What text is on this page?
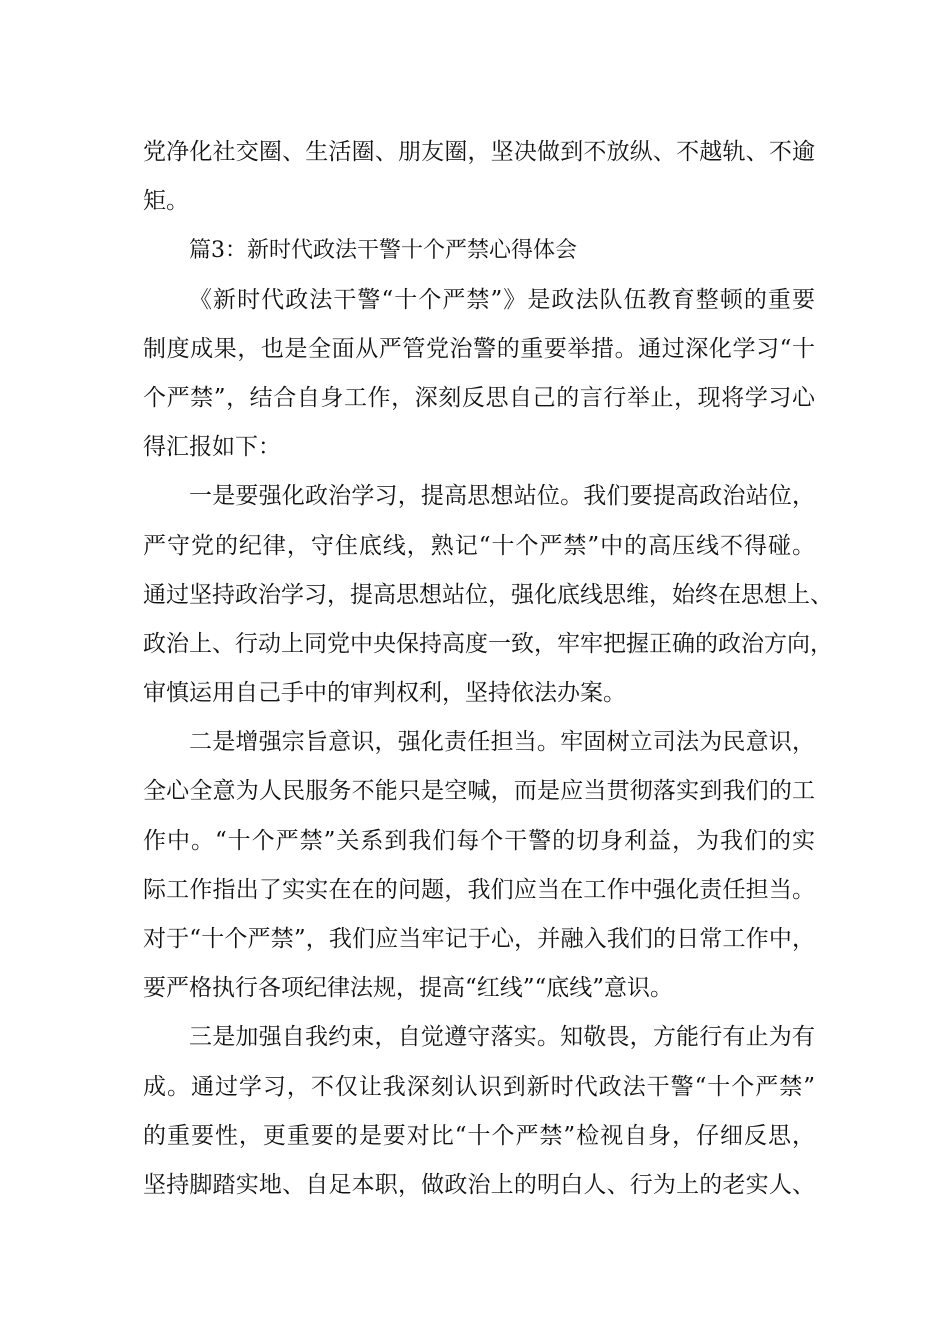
党净化社交圈、生活圈、朋友圈，坚决做到不放纵、不越轨、不逾
矩。
篇3：新时代政法干警十个严禁心得体会
《新时代政法干警“十个严禁”》是政法队伍教育整顿的重要
制度成果，也是全面从严管党治警的重要举措。通过深化学习“十
个严禁”，结合自身工作，深刻反思自己的言行举止，现将学习心
得汇报如下：
一是要强化政治学习，提高思想站位。我们要提高政治站位，
严守党的纪律，守住底线，熟记“十个严禁”中的高压线不得碰。
通过坚持政治学习，提高思想站位，强化底线思维，始终在思想上、
政治上、行动上同党中央保持高度一致，牢牢把握正确的政治方向，
审慎运用自己手中的审判权利，坚持依法办案。
二是增强宗旨意识，强化责任担当。牢固树立司法为民意识，
全心全意为人民服务不能只是空喊，而是应当贯彻落实到我们的工
作中。“十个严禁”关系到我们每个干警的切身利益，为我们的实
际工作指出了实实在在的问题，我们应当在工作中强化责任担当。
对于“十个严禁”，我们应当牢记于心，并融入我们的日常工作中，
要严格执行各项纪律法规，提高“红线”“底线”意识。
三是加强自我约束，自觉遵守落实。知敬畏，方能行有止为有
成。通过学习，不仅让我深刻认识到新时代政法干警“十个严禁”
的重要性，更重要的是要对比“十个严禁”检视自身，仔细反思，
坚持脚踏实地、自足本职，做政治上的明白人、行为上的老实人、
